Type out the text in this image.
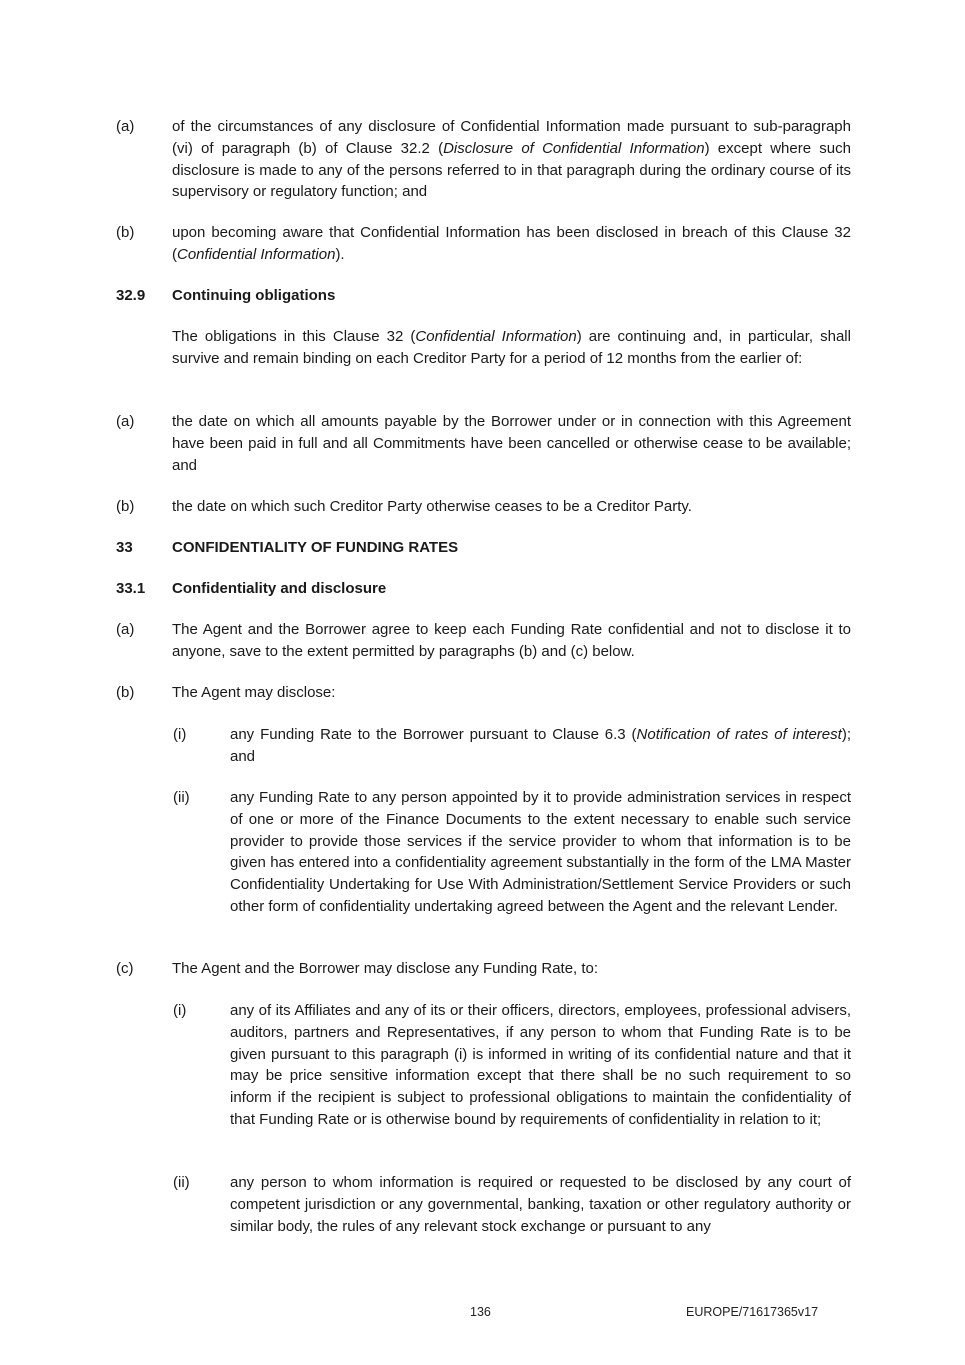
(a)	of the circumstances of any disclosure of Confidential Information made pursuant to sub-paragraph (vi) of paragraph (b) of Clause 32.2 (Disclosure of Confidential Information) except where such disclosure is made to any of the persons referred to in that paragraph during the ordinary course of its supervisory or regulatory function; and
(b)	upon becoming aware that Confidential Information has been disclosed in breach of this Clause 32 (Confidential Information).
32.9 Continuing obligations
The obligations in this Clause 32 (Confidential Information) are continuing and, in particular, shall survive and remain binding on each Creditor Party for a period of 12 months from the earlier of:
(a)	the date on which all amounts payable by the Borrower under or in connection with this Agreement have been paid in full and all Commitments have been cancelled or otherwise cease to be available; and
(b)	the date on which such Creditor Party otherwise ceases to be a Creditor Party.
33	CONFIDENTIALITY OF FUNDING RATES
33.1 Confidentiality and disclosure
(a)	The Agent and the Borrower agree to keep each Funding Rate confidential and not to disclose it to anyone, save to the extent permitted by paragraphs (b) and (c) below.
(b)	The Agent may disclose:
(i)	any Funding Rate to the Borrower pursuant to Clause 6.3 (Notification of rates of interest); and
(ii)	any Funding Rate to any person appointed by it to provide administration services in respect of one or more of the Finance Documents to the extent necessary to enable such service provider to provide those services if the service provider to whom that information is to be given has entered into a confidentiality agreement substantially in the form of the LMA Master Confidentiality Undertaking for Use With Administration/Settlement Service Providers or such other form of confidentiality undertaking agreed between the Agent and the relevant Lender.
(c)	The Agent and the Borrower may disclose any Funding Rate, to:
(i)	any of its Affiliates and any of its or their officers, directors, employees, professional advisers, auditors, partners and Representatives, if any person to whom that Funding Rate is to be given pursuant to this paragraph (i) is informed in writing of its confidential nature and that it may be price sensitive information except that there shall be no such requirement to so inform if the recipient is subject to professional obligations to maintain the confidentiality of that Funding Rate or is otherwise bound by requirements of confidentiality in relation to it;
(ii)	any person to whom information is required or requested to be disclosed by any court of competent jurisdiction or any governmental, banking, taxation or other regulatory authority or similar body, the rules of any relevant stock exchange or pursuant to any
136	EUROPE/71617365v17
